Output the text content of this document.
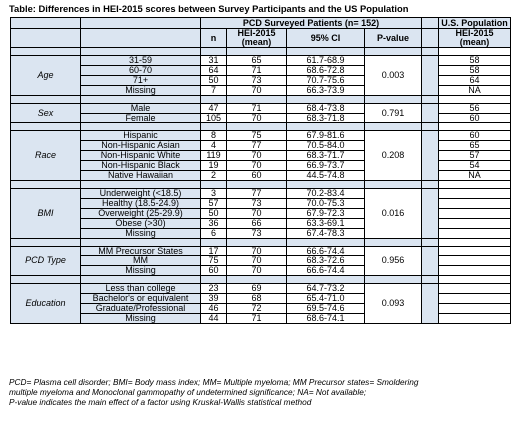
Table: Differences in HEI-2015 scores between Survey Participants and the US Population
		PCD Surveyed Patients (n= 152)					U.S. Population
		n	HEI-2015 (mean)	95% CI	P-value		HEI-2015 (mean)

Age	31-59	31	65	61.7-68.9	0.003		58
	60-70	64	71	68.6-72.8			58
	71+	50	73	70.7-75.6			64
	Missing	7	70	66.3-73.9			NA

Sex	Male	47	71	68.4-73.8	0.791		56
	Female	105	70	68.3-71.8			60

Race	Hispanic	8	75	67.9-81.6	0.208		60
	Non-Hispanic Asian	4	77	70.5-84.0			65
	Non-Hispanic White	119	70	68.3-71.7			57
	Non-Hispanic Black	19	70	66.9-73.7			54
	Native Hawaiian	2	60	44.5-74.8			NA

BMI	Underweight (<18.5)	3	77	70.2-83.4	0.016		
	Healthy (18.5-24.9)	57	73	70.0-75.3			
	Overweight (25-29.9)	50	70	67.9-72.3			
	Obese (>30)	36	66	63.3-69.1			
	Missing	6	73	67.4-78.3			

PCD Type	MM Precursor States	17	70	66.6-74.4	0.956		
	MM	75	70	68.3-72.6			
	Missing	60	70	66.6-74.4			

Education	Less than college	23	69	64.7-73.2	0.093		
	Bachelor's or equivalent	39	68	65.4-71.0			
	Graduate/Professional	46	72	69.5-74.6			
	Missing	44	71	68.6-74.1			
PCD= Plasma cell disorder; BMI= Body mass index; MM= Multiple myeloma; MM Precursor states= Smoldering
multiple myeloma and Monoclonal gammopathy of undetermined significance; NA= Not available;
P-value indicates the main effect of a factor using Kruskal-Wallis statistical method
